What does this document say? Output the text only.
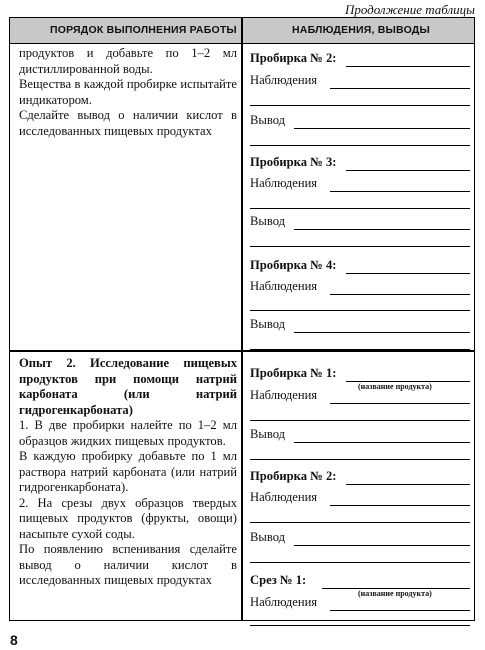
Продолжение таблицы
ПОРЯДОК ВЫПОЛНЕНИЯ РАБОТЫ	НАБЛЮДЕНИЯ, ВЫВОДЫ

продуктов и добавьте по 1–2 мл дистиллированной воды.

Вещества в каждой пробирке испытайте индикатором.

Сделайте вывод о наличии кислот в исследованных пищевых продуктах

Опыт 2. Исследование пищевых продуктов при помощи натрий карбоната (или натрий гидрогенкарбоната)

1. В две пробирки налейте по 1–2 мл образцов жидких пищевых продуктов.

В каждую пробирку добавьте по 1 мл раствора натрий карбоната (или натрий гидрогенкарбоната).

2. На срезы двух образцов твердых пищевых продуктов (фрукты, овощи) насыпьте сухой соды.

По появлению вспенивания сделайте вывод о наличии кислот в исследованных пищевых продуктах

Пробирка № 2:
Наблюдения
Вывод
Пробирка № 3:
Наблюдения
Вывод
Пробирка № 4:
Наблюдения
Вывод
Пробирка № 1:
(название продукта)
Наблюдения
Вывод
Пробирка № 2:
Наблюдения
Вывод
Срез № 1:
(название продукта)
Наблюдения
8
